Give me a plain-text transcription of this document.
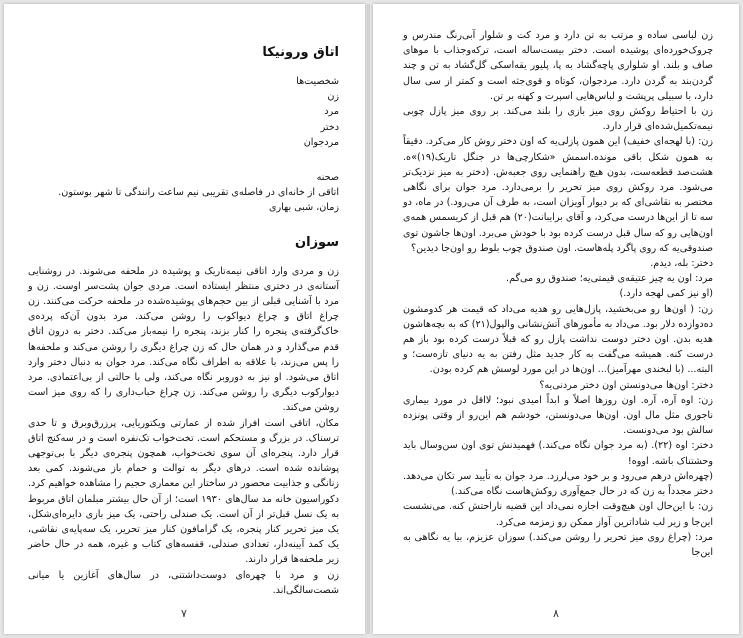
اتاق ورونیکا

شخصیت‌ها

زن

مرد

دختر

مردجوان

صحنه

اتاقی از خانه‌ای در فاصله‌ی تقریبی نیم ساعت رانندگی تا شهر بوستون.

زمان، شبی بهاری

سوزان

زن و مردی وارد اتاقی نیمه‌تاریک و پوشیده در ملحفه می‌شوند. در روشنایی آستانه‌ی در دختری منتظر ایستاده است. مردی جوان پشت‌سر اوست. زن و مرد با آشنایی قبلی از بین حجم‌های پوشیده‌شده در ملحفه حرکت می‌کنند. زن چراغ اتاق و چراغ دیواکوب را روشن می‌کند. مرد بدون آن‌که پرده‌ی خاک‌گرفته‌ی پنجره را کنار بزند، پنجره را نیمه‌باز می‌کند. دختر به درون اتاق قدم می‌گذارد و در همان حال که زن چراغ دیگری را روشن می‌کند و ملحفه‌ها را پس می‌زند، با علاقه به اطراف نگاه می‌کند. مرد جوان به دنبال دختر وارد اتاق می‌شود. او نیز به دوروبر نگاه می‌کند، ولی با حالتی از بی‌اعتمادی. مرد دیوارکوب دیگری را روشن می‌کند. زن چراغ حباب‌داری را که روی میز است روشن می‌کند.

مکان، اتاقی است افراز شده از عمارتی ویکتوریایی، پرزرق‌وبرق و تا حدی ترسناک. در بزرگ و مستحکم است. تخت‌خواب تک‌نفره است و در سه‌کنج اتاق قرار دارد. پنجره‌ای آن سوی تخت‌خواب، همچون پنجره‌ی دیگر با بی‌توجهی پوشانده شده است. درهای دیگر به توالت و حمام باز می‌شوند. کمی بعد زنانگی و جذابیت محصور در ساختار این معماری حجیم را مشاهده خواهیم کرد. دکوراسیون خانه مد سال‌های ۱۹۳۰ است؛ از آن حال بیشتر مبلمان اتاق مربوط به یک نسل قبل‌تر از آن است. یک صندلی راحتی، یک میز بازی دایره‌ای‌شکل، یک میز تحریر کنار پنجره، یک گرامافون کنار میز تحریر، یک سه‌پایه‌ی نقاشی، یک کمد آیینه‌دار، تعدادی صندلی، قفسه‌های کتاب و غیره، همه در حال حاضر زیر ملحفه‌ها قرار دارند.

زن و مرد با چهره‌ای دوست‌داشتنی، در سال‌های آغازین یا میانی شصت‌سالگی‌اند.

۷

زن لباسی ساده و مرتب به تن دارد و مرد کت و شلوار آبی‌رنگ مندرس و چروک‌خورده‌ای پوشیده است. دختر بیست‌ساله است، ترکه‌وجذاب با موهای صاف و بلند. او شلواری پاچه‌گشاد به پا، پلیور یقه‌اسکی گل‌گشاد به تن و چند گردن‌بند به گردن دارد. مردجوان، کوتاه و قوی‌جثه است و کمتر از سی سال دارد، با سبیلی پرپشت و لباس‌هایی اسپرت و کهنه بر تن.

زن با احتیاط روکش روی میز بازی را بلند می‌کند. بر روی میز پازل چوبی نیمه‌تکمیل‌شده‌ای قرار دارد.

زن: (با لهجه‌ای خفیف) این همون پازلی‌یه که اون دختر روش کار می‌کرد. دقیقاً به همون شکل باقی مونده.اسمش «شکارچی‌ها در جنگل تاریک(۱۹)»ه. هشت‌صد قطعه‌ست، بدون هیچ راهنمایی روی جعبه‌ش. (دختر به میز نزدیک‌تر می‌شود. مرد روکش روی میز تحریر را برمی‌دارد. مرد جوان برای نگاهی مختصر به نقاشی‌ای که بر دیوار آویزان است، به طرف آن می‌رود.) در ماه، دو سه تا از این‌ها درست می‌کرد، و آقای برایبانت(۲۰) هم قبل از کریسمس همه‌ی اون‌هایی رو که سال قبل درست کرده بود با خودش می‌برد. اون‌ها جاشون توی صندوقی‌یه که روی پاگرد پله‌هاست. اون صندوق چوب بلوط رو اون‌جا دیدین؟

دختر: بله، دیدم.

مرد: اون یه چیز عتیقه‌ی قیمتی‌یه؛ صندوق رو می‌گم.

(او نیز کمی لهجه دارد.)

زن: ( اون‌ها رو می‌بخشید، پازل‌هایی رو هدیه می‌داد که قیمت هر کدومشون ده‌دوازده دلار بود. می‌داد به مأمورهای آتش‌نشانی والپول(۲۱) که به بچه‌هاشون هدیه بدن. اون دختر دوست نداشت پازل رو که قبلاً درست کرده بود باز هم درست کنه. همیشه می‌گفت به کار جدید مثل رفتن به یه دنیای تازه‌ست؛ و البته... (با لبخندی مهرآمیز)... اون‌ها در این مورد لوسش هم کرده بودن.

دختر: اون‌ها می‌دونستن اون دختر مردنی‌یه؟

زن: اوه آره، آره. اون روزها اصلاً و ابداً امیدی نبود؛ لااقل در مورد بیماری ناجوری مثل مال اون. اون‌ها می‌دونستن، خودشم هم این‌رو از وقتی پونزده سالش بود می‌دونست.

دختر: اوه (۲۲). (به مرد جوان نگاه می‌کند.) فهمیدنش توی اون سن‌وسال باید وحشتناک باشه. اووه!

(چهره‌اش درهم می‌رود و بر خود می‌لرزد. مرد جوان به تأیید سر تکان می‌دهد. دختر مجدداً به زن که در حال جمع‌آوری روکش‌هاست نگاه می‌کند.)

زن: با این‌حال اون هیچ‌وقت اجازه نمی‌داد این قضیه ناراحتش کنه. می‌نشست این‌جا و زیر لب شاداترین آواز ممکن رو زمزمه می‌کرد.

مرد: (چراغ روی میز تحریر را روشن می‌کند.) سوزان عزیزم، بیا یه نگاهی به این‌جا

۸
